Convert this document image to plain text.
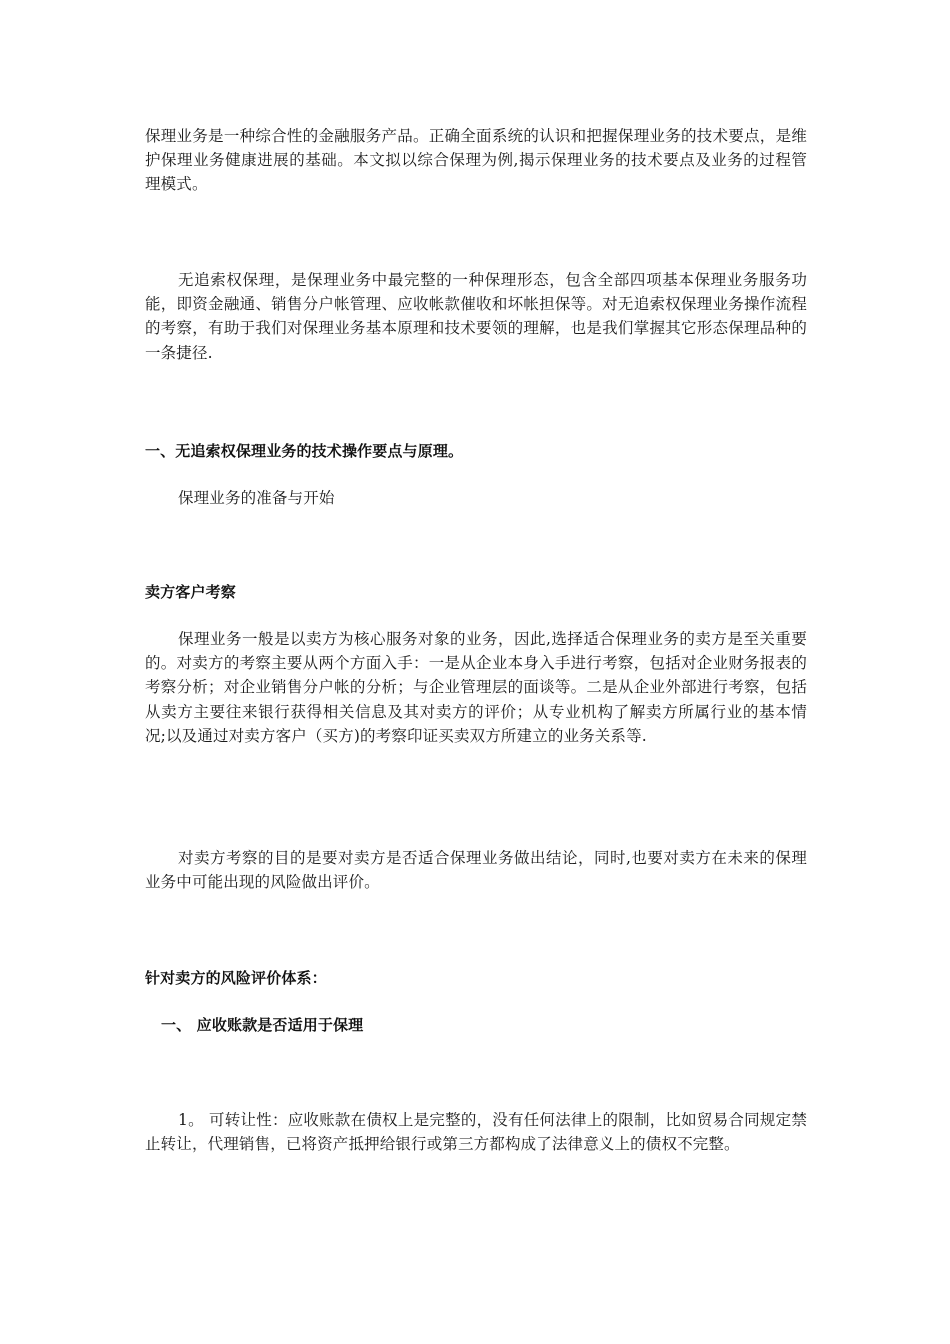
保理业务是一种综合性的金融服务产品。正确全面系统的认识和把握保理业务的技术要点，是维护保理业务健康进展的基础。本文拟以综合保理为例,揭示保理业务的技术要点及业务的过程管理模式。

无追索权保理，是保理业务中最完整的一种保理形态，包含全部四项基本保理业务服务功能，即资金融通、销售分户帐管理、应收帐款催收和坏帐担保等。对无追索权保理业务操作流程的考察，有助于我们对保理业务基本原理和技术要领的理解，也是我们掌握其它形态保理品种的一条捷径.

一、无追索权保理业务的技术操作要点与原理。

保理业务的准备与开始

卖方客户考察

保理业务一般是以卖方为核心服务对象的业务，因此,选择适合保理业务的卖方是至关重要的。对卖方的考察主要从两个方面入手：一是从企业本身入手进行考察，包括对企业财务报表的考察分析；对企业销售分户帐的分析；与企业管理层的面谈等。二是从企业外部进行考察，包括从卖方主要往来银行获得相关信息及其对卖方的评价；从专业机构了解卖方所属行业的基本情况;以及通过对卖方客户（买方)的考察印证买卖双方所建立的业务关系等.

对卖方考察的目的是要对卖方是否适合保理业务做出结论，同时,也要对卖方在未来的保理业务中可能出现的风险做出评价。

针对卖方的风险评价体系：

一、 应收账款是否适用于保理

1。 可转让性：应收账款在债权上是完整的，没有任何法律上的限制，比如贸易合同规定禁止转让，代理销售，已将资产抵押给银行或第三方都构成了法律意义上的债权不完整。
